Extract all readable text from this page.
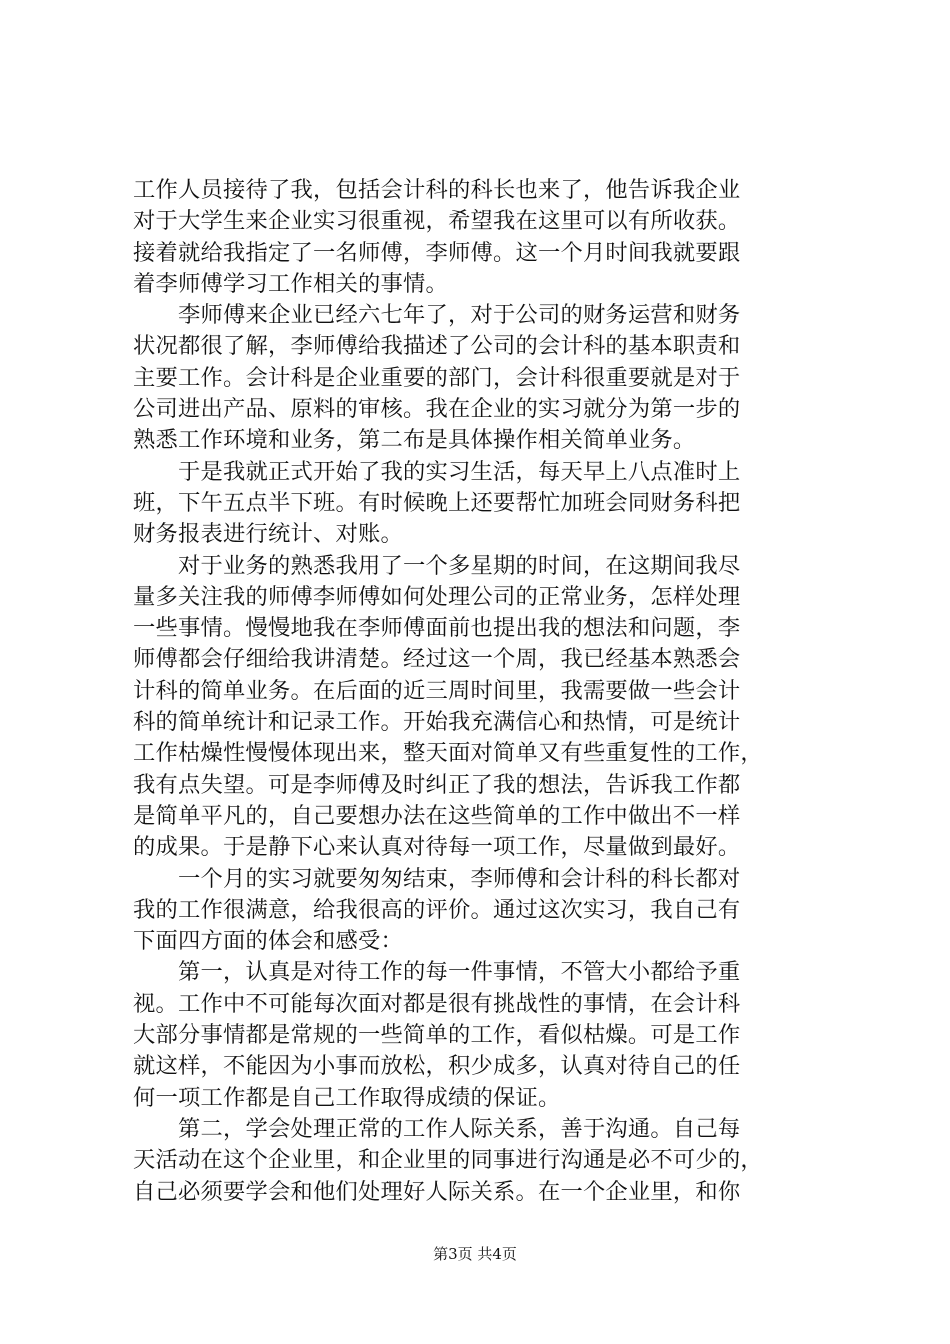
工作人员接待了我，包括会计科的科长也来了，他告诉我企业
对于大学生来企业实习很重视，希望我在这里可以有所收获。
接着就给我指定了一名师傅，李师傅。这一个月时间我就要跟
着李师傅学习工作相关的事情。
　　李师傅来企业已经六七年了，对于公司的财务运营和财务
状况都很了解，李师傅给我描述了公司的会计科的基本职责和
主要工作。会计科是企业重要的部门，会计科很重要就是对于
公司进出产品、原料的审核。我在企业的实习就分为第一步的
熟悉工作环境和业务，第二布是具体操作相关简单业务。
　　于是我就正式开始了我的实习生活，每天早上八点准时上
班，下午五点半下班。有时候晚上还要帮忙加班会同财务科把
财务报表进行统计、对账。
　　对于业务的熟悉我用了一个多星期的时间，在这期间我尽
量多关注我的师傅李师傅如何处理公司的正常业务，怎样处理
一些事情。慢慢地我在李师傅面前也提出我的想法和问题，李
师傅都会仔细给我讲清楚。经过这一个周，我已经基本熟悉会
计科的简单业务。在后面的近三周时间里，我需要做一些会计
科的简单统计和记录工作。开始我充满信心和热情，可是统计
工作枯燥性慢慢体现出来，整天面对简单又有些重复性的工作，
我有点失望。可是李师傅及时纠正了我的想法，告诉我工作都
是简单平凡的，自己要想办法在这些简单的工作中做出不一样
的成果。于是静下心来认真对待每一项工作，尽量做到最好。
　　一个月的实习就要匆匆结束，李师傅和会计科的科长都对
我的工作很满意，给我很高的评价。通过这次实习，我自己有
下面四方面的体会和感受：
　　第一，认真是对待工作的每一件事情，不管大小都给予重
视。工作中不可能每次面对都是很有挑战性的事情，在会计科
大部分事情都是常规的一些简单的工作，看似枯燥。可是工作
就这样，不能因为小事而放松，积少成多，认真对待自己的任
何一项工作都是自己工作取得成绩的保证。
　　第二，学会处理正常的工作人际关系，善于沟通。自己每
天活动在这个企业里，和企业里的同事进行沟通是必不可少的，
自己必须要学会和他们处理好人际关系。在一个企业里，和你
第3页 共4页
